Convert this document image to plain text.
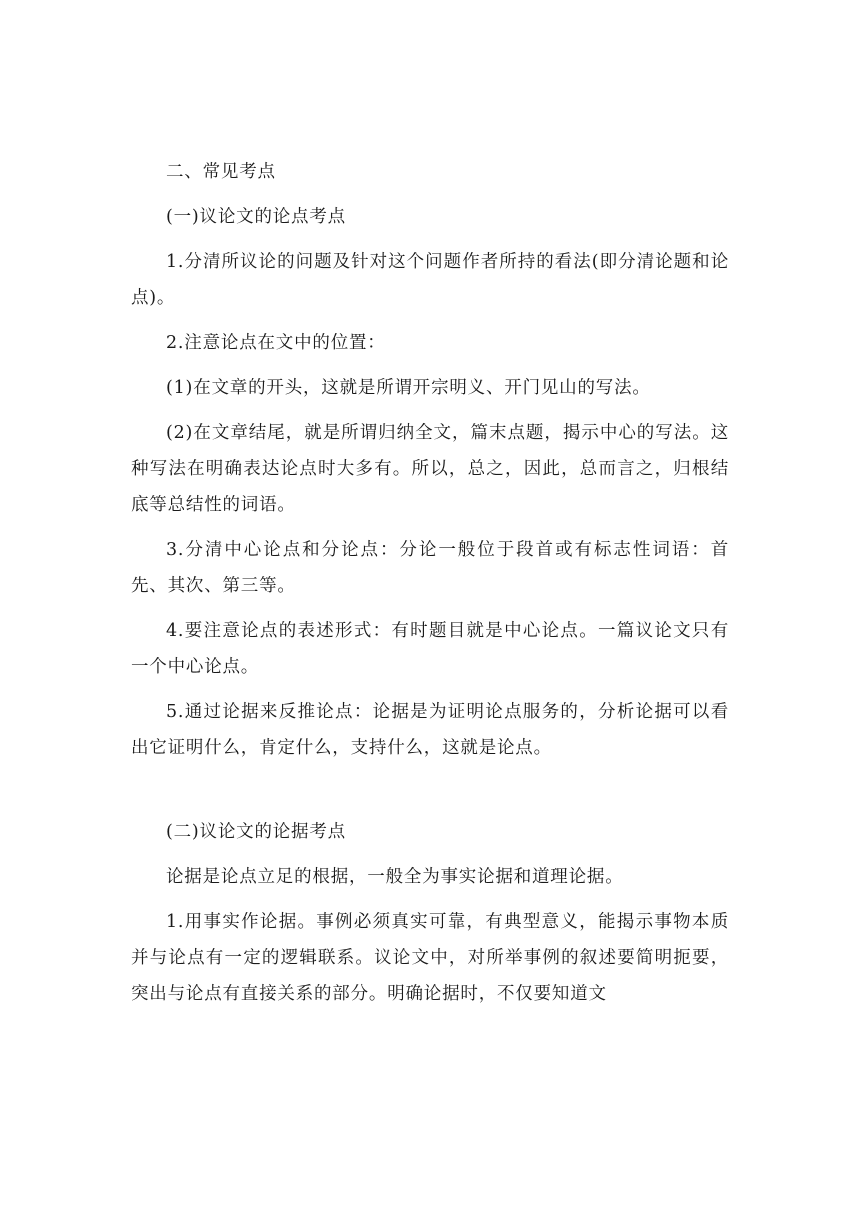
二、常见考点

(一)议论文的论点考点

1.分清所议论的问题及针对这个问题作者所持的看法(即分清论题和论点)。

2.注意论点在文中的位置：

(1)在文章的开头，这就是所谓开宗明义、开门见山的写法。

(2)在文章结尾，就是所谓归纳全文，篇末点题，揭示中心的写法。这种写法在明确表达论点时大多有。所以，总之，因此，总而言之，归根结底等总结性的词语。

3.分清中心论点和分论点：分论一般位于段首或有标志性词语：首先、其次、第三等。

4.要注意论点的表述形式：有时题目就是中心论点。一篇议论文只有一个中心论点。

5.通过论据来反推论点：论据是为证明论点服务的，分析论据可以看出它证明什么，肯定什么，支持什么，这就是论点。

(二)议论文的论据考点

论据是论点立足的根据，一般全为事实论据和道理论据。

1.用事实作论据。事例必须真实可靠，有典型意义，能揭示事物本质并与论点有一定的逻辑联系。议论文中，对所举事例的叙述要简明扼要，突出与论点有直接关系的部分。明确论据时，不仅要知道文
